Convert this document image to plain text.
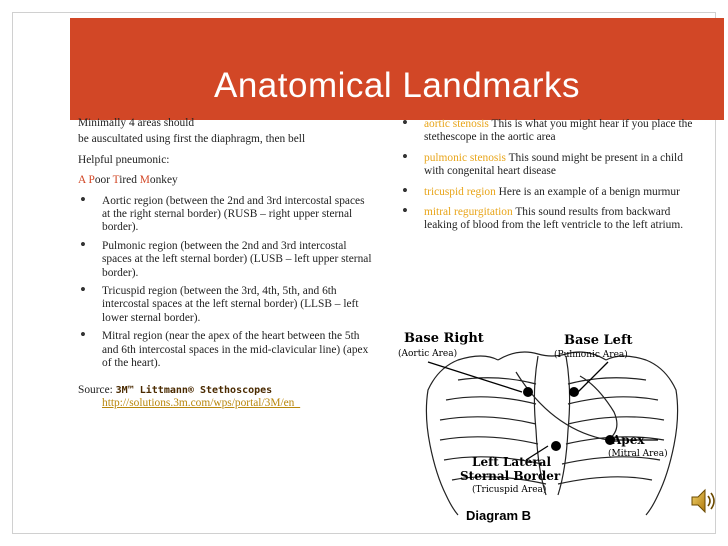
Anatomical Landmarks

Minimally 4 areas should

be auscultated using first the diaphragm, then bell

Helpful pneumonic:

A Poor Tired Monkey

• Aortic region (between the 2nd and 3rd intercostal spaces at the right sternal border) (RUSB – right upper sternal border).
• Pulmonic region (between the 2nd and 3rd intercostal spaces at the left sternal border) (LUSB – left upper sternal border).
• Tricuspid region (between the 3rd, 4th, 5th, and 6th intercostal spaces at the left sternal border) (LLSB – left lower sternal border).
• Mitral region (near the apex of the heart between the 5th and 6th intercostal spaces in the mid-clavicular line) (apex of the heart).
Source: 3M™ Littmann® Stethoscopes
http://solutions.3m.com/wps/portal/3M/en_
• aortic stenosis This is what you might hear if you place the stethescope in the aortic area
• pulmonic stenosis This sound might be present in a child with congenital heart disease
• tricuspid region Here is an example of a benign murmur
• mitral regurgitation This sound results from backward leaking of blood from the left ventricle to the left atrium.
Base Right
(Aortic Area)
Base Left
(Pulmonic Area)
Apex
(Mitral Area)
Left Lateral
Sternal Border
(Tricuspid Area)
Diagram B
